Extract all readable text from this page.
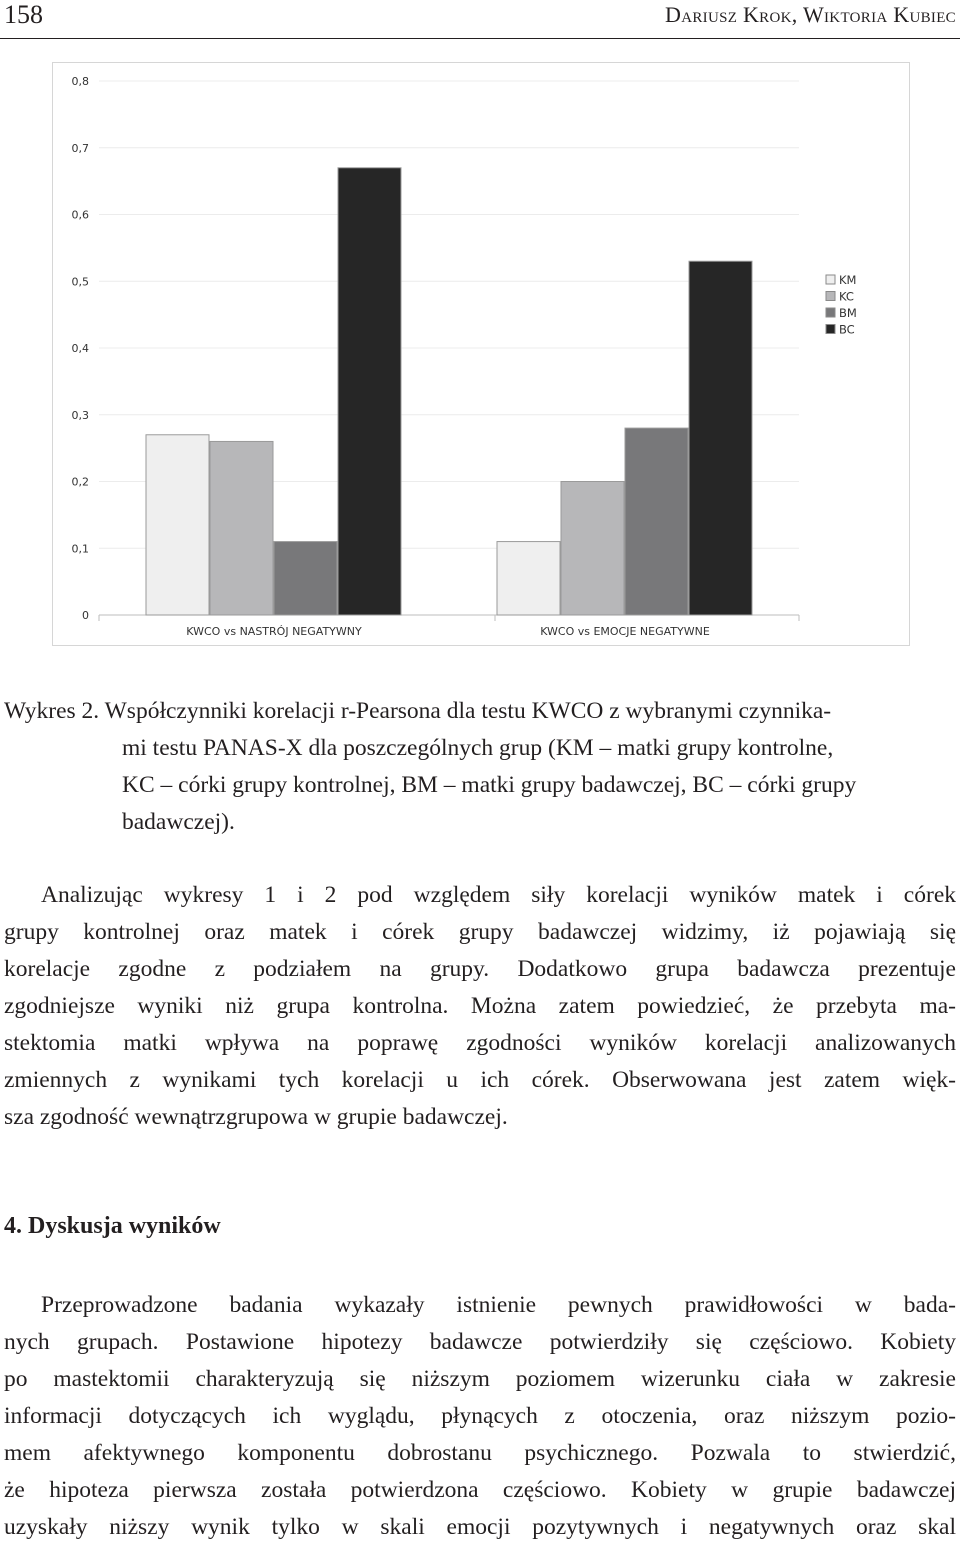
158	Dariusz Krok, Wiktoria Kubiec
0
0,1
0,2
0,3
0,4
0,5
0,6
0,7
0,8
KWCO vs NASTRÓJ NEGATYWNY	KWCO vs EMOCJE NEGATYWNE
KM
KC
BM
BC
Wykres 2. Współczynniki korelacji r-Pearsona dla testu KWCO z wybranymi czynnika-
mi testu PANAS-X dla poszczególnych grup (KM – matki grupy kontrolne,
KC – córki grupy kontrolnej, BM – matki grupy badawczej, BC – córki grupy
badawczej).
Analizując wykresy 1 i 2 pod względem siły korelacji wyników matek i córek
grupy kontrolnej oraz matek i córek grupy badawczej widzimy, iż pojawiają się
korelacje zgodne z podziałem na grupy. Dodatkowo grupa badawcza prezentuje
zgodniejsze wyniki niż grupa kontrolna. Można zatem powiedzieć, że przebyta ma-
stektomia matki wpływa na poprawę zgodności wyników korelacji analizowanych
zmiennych z wynikami tych korelacji u ich córek. Obserwowana jest zatem więk-
sza zgodność wewnątrzgrupowa w grupie badawczej.
4. Dyskusja wyników
Przeprowadzone badania wykazały istnienie pewnych prawidłowości w bada-
nych grupach. Postawione hipotezy badawcze potwierdziły się częściowo. Kobiety
po mastektomii charakteryzują się niższym poziomem wizerunku ciała w zakresie
informacji dotyczących ich wyglądu, płynących z otoczenia, oraz niższym pozio-
mem afektywnego komponentu dobrostanu psychicznego. Pozwala to stwierdzić,
że hipoteza pierwsza została potwierdzona częściowo. Kobiety w grupie badawczej
uzyskały niższy wynik tylko w skali emocji pozytywnych i negatywnych oraz skal
